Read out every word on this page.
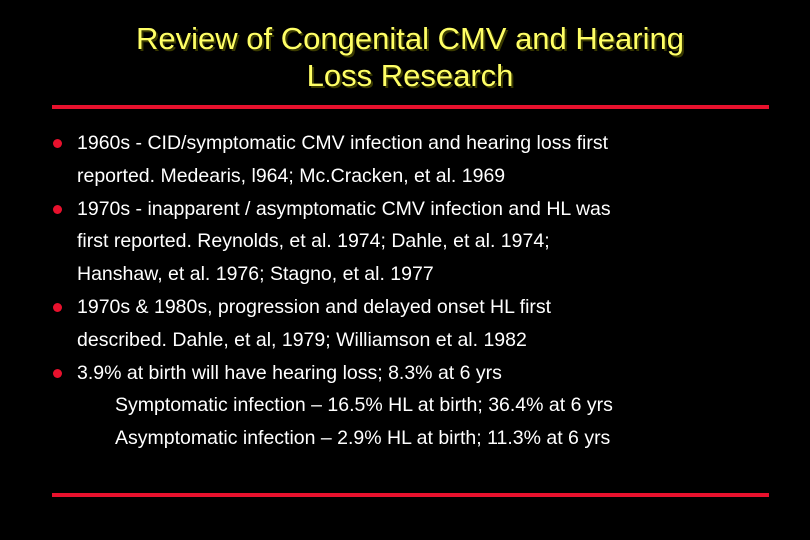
Review of Congenital CMV and Hearing
Loss Research
1960s - CID/symptomatic CMV infection and hearing loss first
reported. Medearis, l964; Mc.Cracken, et al. 1969
1970s - inapparent / asymptomatic CMV infection and HL was
first reported. Reynolds, et al. 1974; Dahle, et al. 1974;
Hanshaw, et al. 1976; Stagno, et al. 1977
1970s & 1980s, progression and delayed onset HL first
described. Dahle, et al, 1979; Williamson et al. 1982
3.9% at birth will have hearing loss; 8.3% at 6 yrs
Symptomatic infection – 16.5% HL at birth; 36.4% at 6 yrs
Asymptomatic infection – 2.9% HL at birth; 11.3% at 6 yrs
